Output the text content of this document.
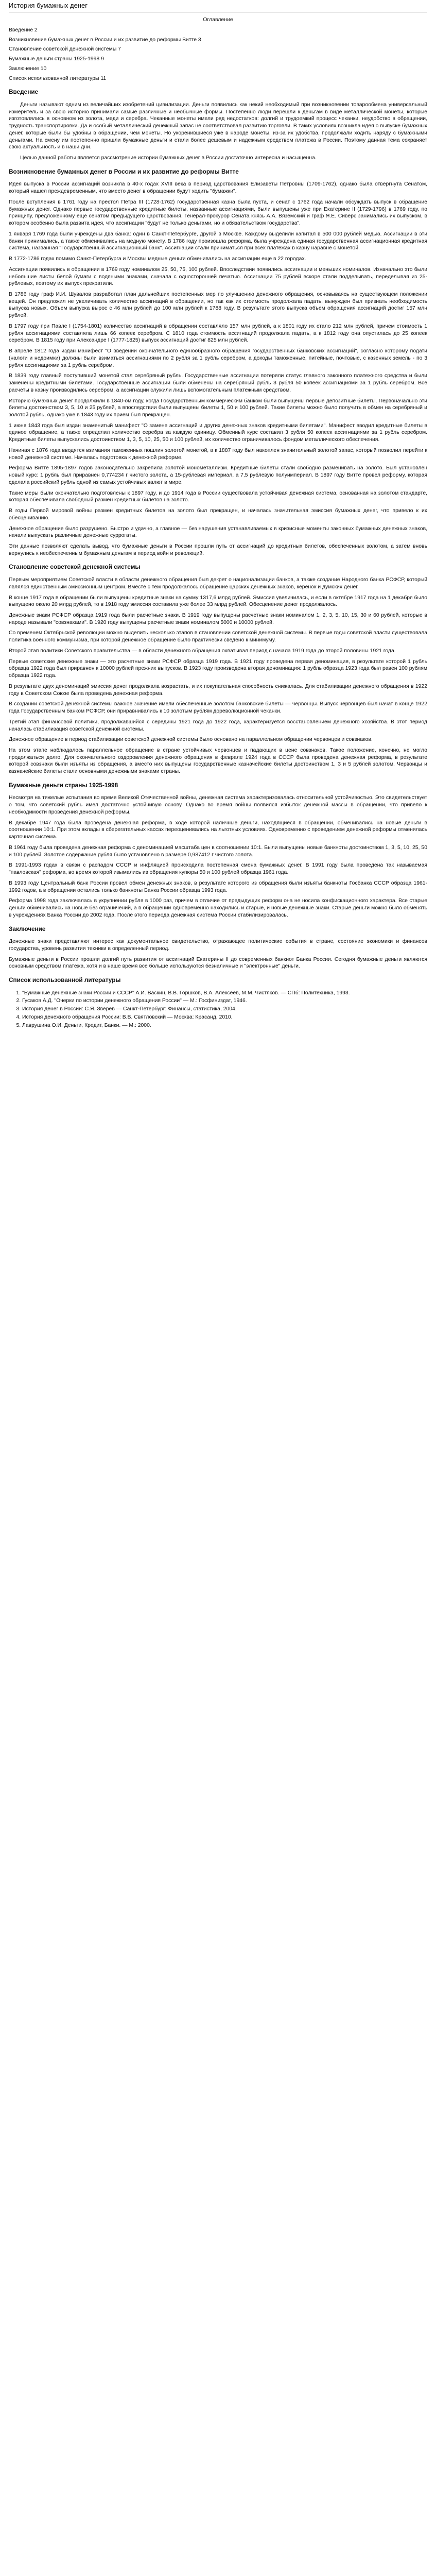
История бумажных денег
Оглавление
Введение 2
Возникновение бумажных денег в России и их развитие до реформы Витте 3
Становление советской денежной системы 7
Бумажные деньги страны 1925-1998 9
Заключение 10
Список использованной литературы 11
Введение

Деньги называют одним из величайших изобретений цивилизации. Деньги появились как некий необходимый при возникновении товарообмена универсальный измеритель и за свою историю принимали самые различные и необычные формы. Постепенно люди перешли к деньгам в виде металлической монеты, которые изготовлялись в основном из золота, меди и серебра. Чеканные монеты имели ряд недостатков: долгий и трудоемкий процесс чеканки, неудобство в обращении, трудность транспортировки. Да и особый металлический денежный запас не соответствовал развитию торговли. В таких условиях возникла идея о выпуске бумажных денег, которые были бы удобны в обращении, чем монеты. Но укоренившиеся уже в народе монеты, из-за их удобства, продолжали ходить наряду с бумажными деньгами. На смену им постепенно пришли бумажные деньги и стали более дешевым и надежным средством платежа в России. Поэтому данная тема сохраняет свою актуальность и в наши дни.

Целью данной работы является рассмотрение истории бумажных денег в России достаточно интересна и насыщенна.

Возникновение бумажных денег в России и их развитие до реформы Витте

Идея выпуска в России ассигнаций возникла в 40-х годах XVIII века в период царствования Елизаветы Петровны (1709-1762), однако была отвергнута Сенатом, который нашел преждевременным, что вместо денег в обращении будут ходить "бумажки".

После вступления в 1761 году на престол Петра III (1728-1762) государственная казна была пуста, и сенат с 1762 года начали обсуждать выпуск в обращение бумажных денег. Однако первые государственные кредитные билеты, названные ассигнациями, были выпущены уже при Екатерине II (1729-1796) в 1769 году, по принципу, предложенному еще сенатом предыдущего царствования. Генерал-прокурор Сената князь А.А. Вяземский и граф Я.Е. Сиверс занимались их выпуском, в котором особенно была развита идея, что ассигнации "будут не только деньгами, но и обязательством государства".

1 января 1769 года были учреждены два банка: один в Санкт-Петербурге, другой в Москве. Каждому выделили капитал в 500 000 рублей медью. Ассигнации в эти банки принимались, а также обменивались на медную монету. В 1786 году произошла реформа, была учреждена единая государственная ассигнационная кредитная система, названная "Государственный ассигнационный банк". Ассигнации стали приниматься при всех платежах в казну наравне с монетой.

В 1772-1786 годах помимо Санкт-Петербурга и Москвы медные деньги обменивались на ассигнации еще в 22 городах.

Ассигнации появились в обращении в 1769 году номиналом 25, 50, 75, 100 рублей. Впоследствии появились ассигнации и меньших номиналов. Изначально это были небольшие листы белой бумаги с водяными знаками, сначала с односторонней печатью. Ассигнации 75 рублей вскоре стали подделывать, переделывая из 25-рублевых, поэтому их выпуск прекратили.

В 1786 году граф И.И. Шувалов разработал план дальнейших постепенных мер по улучшению денежного обращения, основываясь на существующем положении вещей. Он предложил не увеличивать количество ассигнаций в обращении, но так как их стоимость продолжала падать, вынужден был признать необходимость выпуска новых. Объем выпуска вырос с 46 млн рублей до 100 млн рублей к 1788 году. В результате этого выпуска объем обращения ассигнаций достиг 157 млн рублей.

В 1797 году при Павле I (1754-1801) количество ассигнаций в обращении составляло 157 млн рублей, а к 1801 году их стало 212 млн рублей, причем стоимость 1 рубля ассигнациями составляла лишь 66 копеек серебром. С 1810 года стоимость ассигнаций продолжала падать, а к 1812 году она опустилась до 25 копеек серебром. В 1815 году при Александре I (1777-1825) выпуск ассигнаций достиг 825 млн рублей.

В апреле 1812 года издан манифест "О введении окончательного единообразного обращения государственных банковских ассигнаций", согласно которому подати (налоги и недоимки) должны были взиматься ассигнациями по 2 рубля за 1 рубль серебром, а доходы таможенные, питейные, почтовые, с казенных земель - по 3 рубля ассигнациями за 1 рубль серебром.

В 1839 году главный поступивший монетой стал серебряный рубль. Государственные ассигнации потеряли статус главного законного платежного средства и были заменены кредитными билетами. Государственные ассигнации были обменены на серебряный рубль 3 рубля 50 копеек ассигнациями за 1 рубль серебром. Все расчеты в казну производились серебром, а ассигнации служили лишь вспомогательным платежным средством.

Историю бумажных денег продолжили в 1840-ом году, когда Государственным коммерческим банком были выпущены первые депозитные билеты. Первоначально эти билеты достоинством 3, 5, 10 и 25 рублей, а впоследствии были выпущены билеты 1, 50 и 100 рублей. Такие билеты можно было получить в обмен на серебряный и золотой рубль, однако уже в 1843 году их прием был прекращен.

1 июня 1843 года был издан знаменитый манифест "О замене ассигнаций и других денежных знаков кредитными билетами". Манифест вводил кредитные билеты в единое обращение, а также определил количество серебра за каждую единицу. Обменный курс составил 3 рубля 50 копеек ассигнациями за 1 рубль серебром. Кредитные билеты выпускались достоинством 1, 3, 5, 10, 25, 50 и 100 рублей, их количество ограничивалось фондом металлического обеспечения.

Начиная с 1876 года вводятся взимания таможенных пошлин золотой монетой, а к 1887 году был накоплен значительный золотой запас, который позволил перейти к новой денежной системе. Началась подготовка к денежной реформе.

Реформа Витте 1895-1897 годов законодательно закрепила золотой монометаллизм. Кредитные билеты стали свободно разменивать на золото. Был установлен новый курс: 1 рубль был приравнен 0,774234 г чистого золота, а 15-рублевая империал, а 7,5 рублевую полуимпериал. В 1897 году Витте провел реформу, которая сделала российский рубль одной из самых устойчивых валют в мире.

Такие меры были окончательно подготовлены к 1897 году, и до 1914 года в России существовала устойчивая денежная система, основанная на золотом стандарте, которая обеспечивала свободный размен кредитных билетов на золото.

В годы Первой мировой войны размен кредитных билетов на золото был прекращен, и началась значительная эмиссия бумажных денег, что привело к их обесцениванию.

Денежное обращение было разрушено. Быстро и удачно, а главное — без нарушения устанавливаемых в кризисные моменты законных бумажных денежных знаков, начали выпускать различные денежные суррогаты.

Эти данные позволяют сделать вывод, что бумажные деньги в России прошли путь от ассигнаций до кредитных билетов, обеспеченных золотом, а затем вновь вернулись к необеспеченным бумажным деньгам в период войн и революций.

Становление советской денежной системы

Первым мероприятием Советской власти в области денежного обращения был декрет о национализации банков, а также создание Народного банка РСФСР, который являлся единственным эмиссионным центром. Вместе с тем продолжалось обращение царских денежных знаков, керенок и думских денег.

В конце 1917 года в обращении были выпущены кредитные знаки на сумму 1317,6 млрд рублей. Эмиссия увеличилась, и если в октябре 1917 года на 1 декабря было выпущено около 20 млрд рублей, то в 1918 году эмиссия составила уже более 33 млрд рублей. Обесценение денег продолжалось.

Денежные знаки РСФСР образца 1919 года были расчетные знаки. В 1919 году выпущены расчетные знаки номиналом 1, 2, 3, 5, 10, 15, 30 и 60 рублей, которые в народе называли "совзнаками". В 1920 году выпущены расчетные знаки номиналом 5000 и 10000 рублей.

Со временем Октябрьской революции можно выделить несколько этапов в становлении советской денежной системы. В первые годы советской власти существовала политика военного коммунизма, при которой денежное обращение было практически сведено к минимуму.

Второй этап политики Советского правительства — в области денежного обращения охватывал период с начала 1919 года до второй половины 1921 года.

Первые советские денежные знаки — это расчетные знаки РСФСР образца 1919 года. В 1921 году проведена первая деноминация, в результате которой 1 рубль образца 1922 года был приравнен к 10000 рублей прежних выпусков. В 1923 году произведена вторая деноминация: 1 рубль образца 1923 года был равен 100 рублям образца 1922 года.

В результате двух деноминаций эмиссия денег продолжала возрастать, и их покупательная способность снижалась. Для стабилизации денежного обращения в 1922 году в Советском Союзе была проведена денежная реформа.

В создании советской денежной системы важное значение имели обеспеченные золотом банковские билеты — червонцы. Выпуск червонцев был начат в конце 1922 года Государственным банком РСФСР, они приравнивались к 10 золотым рублям дореволюционной чеканки.

Третий этап финансовой политики, продолжавшийся с середины 1921 года до 1922 года, характеризуется восстановлением денежного хозяйства. В этот период началась стабилизация советской денежной системы.

Денежное обращение в период стабилизации советской денежной системы было основано на параллельном обращении червонцев и совзнаков.

На этом этапе наблюдалось параллельное обращение в стране устойчивых червонцев и падающих в цене совзнаков. Такое положение, конечно, не могло продолжаться долго. Для окончательного оздоровления денежного обращения в феврале 1924 года в СССР была проведена денежная реформа, в результате которой совзнаки были изъяты из обращения, а вместо них выпущены государственные казначейские билеты достоинством 1, 3 и 5 рублей золотом. Червонцы и казначейские билеты стали основными денежными знаками страны.

Бумажные деньги страны 1925-1998

Несмотря на тяжелые испытания во время Великой Отечественной войны, денежная система характеризовалась относительной устойчивостью. Это свидетельствует о том, что советский рубль имел достаточно устойчивую основу. Однако во время войны появился избыток денежной массы в обращении, что привело к необходимости проведения денежной реформы.

В декабре 1947 года была проведена денежная реформа, в ходе которой наличные деньги, находящиеся в обращении, обменивались на новые деньги в соотношении 10:1. При этом вклады в сберегательных кассах переоценивались на льготных условиях. Одновременно с проведением денежной реформы отменялась карточная система.

В 1961 году была проведена денежная реформа с деноминацией масштаба цен в соотношении 10:1. Были выпущены новые банкноты достоинством 1, 3, 5, 10, 25, 50 и 100 рублей. Золотое содержание рубля было установлено в размере 0,987412 г чистого золота.

В 1991-1993 годах в связи с распадом СССР и инфляцией происходила постепенная смена бумажных денег. В 1991 году была проведена так называемая "павловская" реформа, во время которой изымались из обращения купюры 50 и 100 рублей образца 1961 года.

В 1993 году Центральный банк России провел обмен денежных знаков, в результате которого из обращения были изъяты банкноты Госбанка СССР образца 1961-1992 годов, а в обращении остались только банкноты Банка России образца 1993 года.

Реформа 1998 года заключалась в укрупнении рубля в 1000 раз, причем в отличие от предыдущих реформ она не носила конфискационного характера. Все старые деньги обменивались на новые без ограничений, а в обращении одновременно находились и старые, и новые денежные знаки. Старые деньги можно было обменять в учреждениях Банка России до 2002 года. После этого периода денежная система России стабилизировалась.

Заключение

Денежные знаки представляют интерес как документальное свидетельство, отражающее политические события в стране, состояние экономики и финансов государства, уровень развития техники в определенный период.

Бумажные деньги в России прошли долгий путь развития от ассигнаций Екатерины II до современных банкнот Банка России. Сегодня бумажные деньги являются основным средством платежа, хотя и в наше время все больше используются безналичные и "электронные" деньги.

Список использованной литературы
1. "Бумажные денежные знаки России и СССР" А.И. Васкин, В.В. Горшков, В.А. Алексеев, М.М. Чистяков. — СПб: Политехника, 1993.
2. Гусаков А.Д. "Очерки по истории денежного обращения России" — М.: Госфиниздат, 1946.
3. История денег в России: С.Я. Зверев — Санкт-Петербург: Финансы, статистика, 2004.
4. История денежного обращения России: В.В. Святловский — Москва: Красанд, 2010.
5. Лаврушина О.И. Деньги, Кредит, Банки. — М.: 2000.
